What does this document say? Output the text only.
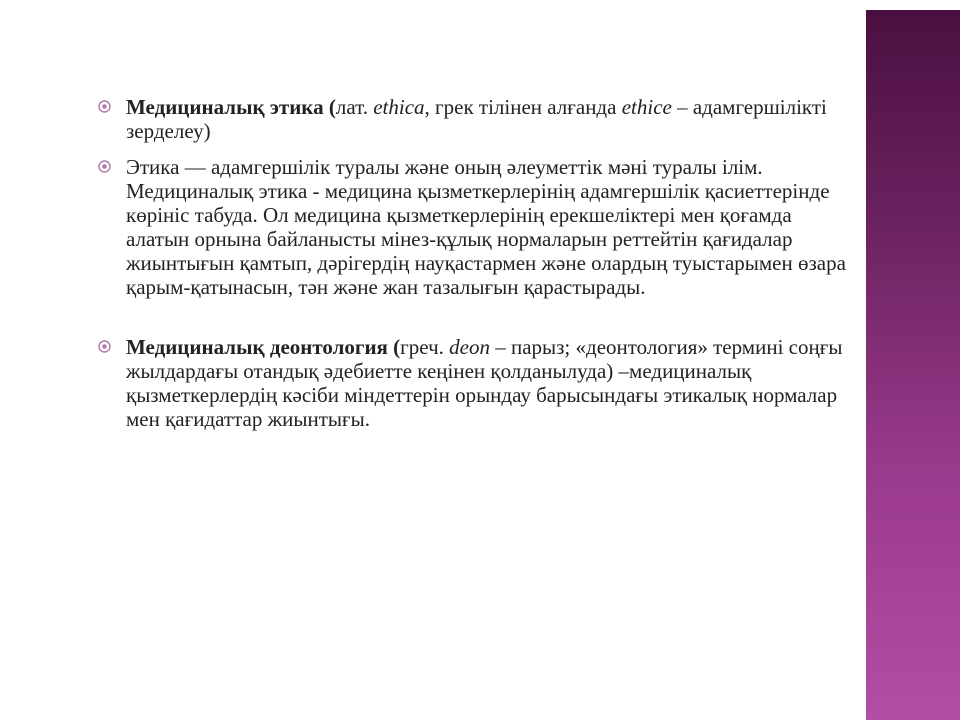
Медициналық этика (лат. ethica, грек тілінен алғанда ethice – адамгершілікті зерделеу)
Этика — адамгершілік туралы және оның әлеуметтік мәні туралы ілім. Медициналық этика - медицина қызметкерлерінің адамгершілік қасиеттерінде көрініс табуда. Ол медицина қызметкерлерінің ерекшеліктері мен қоғамда алатын орнына байланысты мінез-құлық нормаларын реттейтін қағидалар жиынтығын қамтып, дәрігердің науқастармен және олардың туыстарымен өзара қарым-қатынасын, тән және жан тазалығын қарастырады.
Медициналық деонтология (греч. deon – парыз; «деонтология» термині соңғы жылдардағы отандық әдебиетте кеңінен қолданылуда) –медициналық қызметкерлердің кәсіби міндеттерін орындау барысындағы этикалық нормалар мен қағидаттар жиынтығы.
